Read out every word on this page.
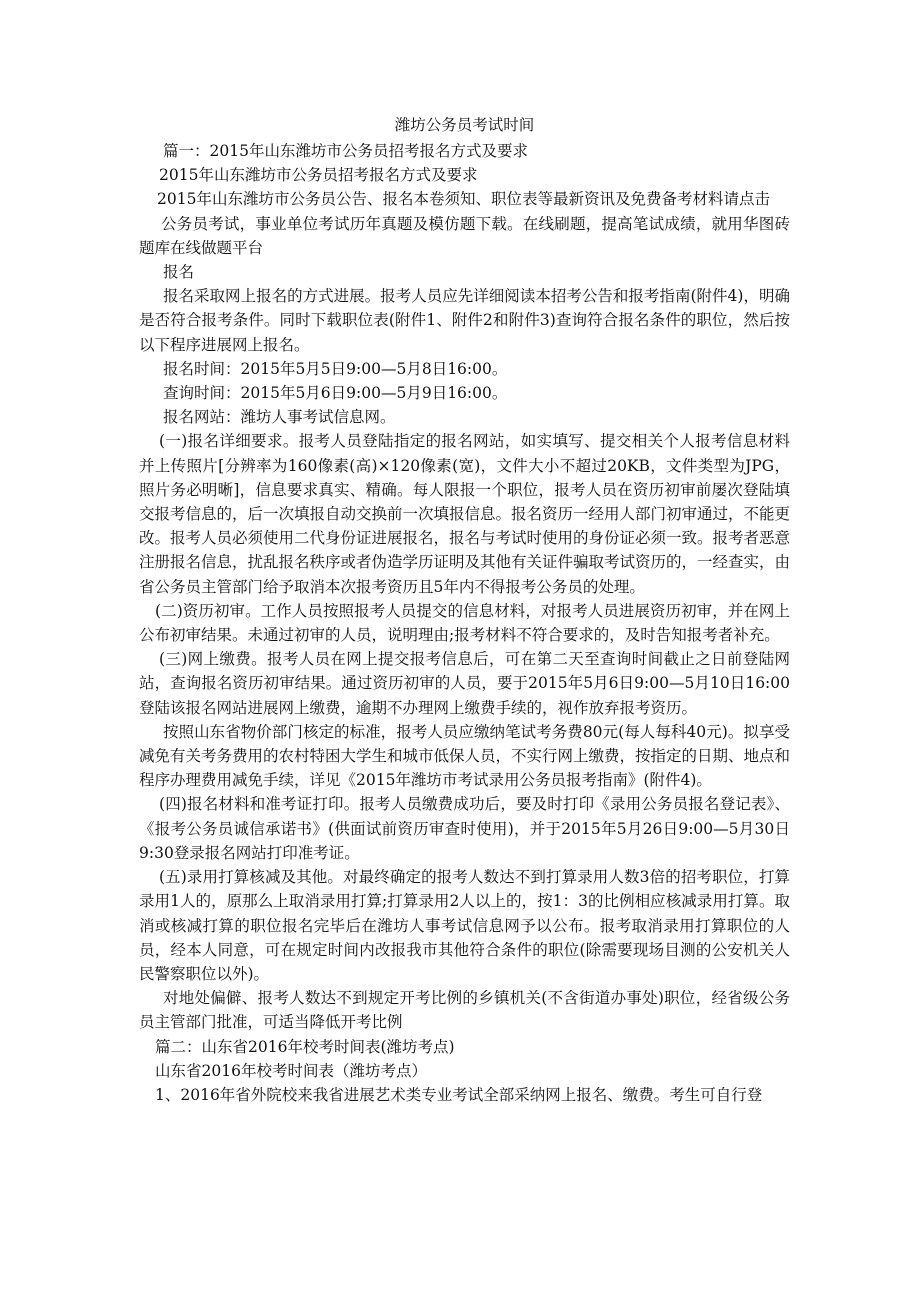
潍坊公务员考试时间

篇一：2015年山东潍坊市公务员招考报名方式及要求

2015年山东潍坊市公务员招考报名方式及要求

2015年山东潍坊市公务员公告、报名本卷须知、职位表等最新资讯及免费备考材料请点击

公务员考试，事业单位考试历年真题及模仿题下载。在线刷题，提高笔试成绩，就用华图砖题库在线做题平台

报名

报名采取网上报名的方式进展。报考人员应先详细阅读本招考公告和报考指南(附件4)，明确是否符合报考条件。同时下载职位表(附件1、附件2和附件3)查询符合报名条件的职位，然后按以下程序进展网上报名。

报名时间：2015年5月5日9:00—5月8日16:00。

查询时间：2015年5月6日9:00—5月9日16:00。

报名网站：潍坊人事考试信息网。

(一)报名详细要求。报考人员登陆指定的报名网站，如实填写、提交相关个人报考信息材料并上传照片[分辨率为160像素(高)×120像素(宽)，文件大小不超过20KB，文件类型为JPG，照片务必明晰]，信息要求真实、精确。每人限报一个职位，报考人员在资历初审前屡次登陆填交报考信息的，后一次填报自动交换前一次填报信息。报名资历一经用人部门初审通过，不能更改。报考人员必须使用二代身份证进展报名，报名与考试时使用的身份证必须一致。报考者恶意注册报名信息，扰乱报名秩序或者伪造学历证明及其他有关证件骗取考试资历的，一经查实，由省公务员主管部门给予取消本次报考资历且5年内不得报考公务员的处理。

(二)资历初审。工作人员按照报考人员提交的信息材料，对报考人员进展资历初审，并在网上公布初审结果。未通过初审的人员，说明理由;报考材料不符合要求的，及时告知报考者补充。

(三)网上缴费。报考人员在网上提交报考信息后，可在第二天至查询时间截止之日前登陆网站，查询报名资历初审结果。通过资历初审的人员，要于2015年5月6日9:00—5月10日16:00登陆该报名网站进展网上缴费，逾期不办理网上缴费手续的，视作放弃报考资历。

按照山东省物价部门核定的标准，报考人员应缴纳笔试考务费80元(每人每科40元)。拟享受减免有关考务费用的农村特困大学生和城市低保人员，不实行网上缴费，按指定的日期、地点和程序办理费用减免手续，详见《2015年潍坊市考试录用公务员报考指南》(附件4)。

(四)报名材料和准考证打印。报考人员缴费成功后，要及时打印《录用公务员报名登记表》、《报考公务员诚信承诺书》(供面试前资历审查时使用)，并于2015年5月26日9:00—5月30日9:30登录报名网站打印准考证。

(五)录用打算核减及其他。对最终确定的报考人数达不到打算录用人数3倍的招考职位，打算录用1人的，原那么上取消录用打算;打算录用2人以上的，按1：3的比例相应核减录用打算。取消或核减打算的职位报名完毕后在潍坊人事考试信息网予以公布。报考取消录用打算职位的人员，经本人同意，可在规定时间内改报我市其他符合条件的职位(除需要现场目测的公安机关人民警察职位以外)。

对地处偏僻、报考人数达不到规定开考比例的乡镇机关(不含街道办事处)职位，经省级公务员主管部门批准，可适当降低开考比例

篇二：山东省2016年校考时间表(潍坊考点)

山东省2016年校考时间表（潍坊考点）

1、2016年省外院校来我省进展艺术类专业考试全部采纳网上报名、缴费。考生可自行登
